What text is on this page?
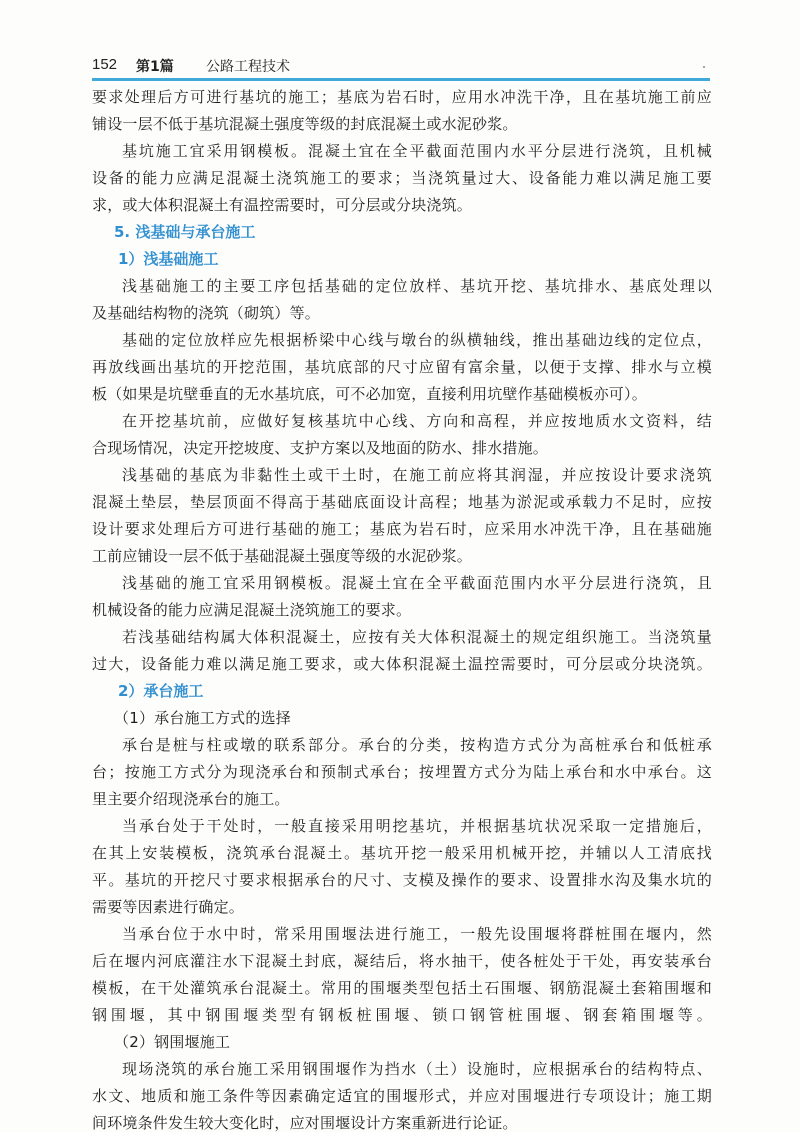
152 第1篇 公路工程技术
要求处理后方可进行基坑的施工；基底为岩石时，应用水冲洗干净，且在基坑施工前应
铺设一层不低于基坑混凝土强度等级的封底混凝土或水泥砂浆。
基坑施工宜采用钢模板。混凝土宜在全平截面范围内水平分层进行浇筑，且机械
设备的能力应满足混凝土浇筑施工的要求；当浇筑量过大、设备能力难以满足施工要
求，或大体积混凝土有温控需要时，可分层或分块浇筑。
5. 浅基础与承台施工
1）浅基础施工
浅基础施工的主要工序包括基础的定位放样、基坑开挖、基坑排水、基底处理以
及基础结构物的浇筑（砌筑）等。
基础的定位放样应先根据桥梁中心线与墩台的纵横轴线，推出基础边线的定位点，
再放线画出基坑的开挖范围，基坑底部的尺寸应留有富余量，以便于支撑、排水与立模
板（如果是坑壁垂直的无水基坑底，可不必加宽，直接利用坑壁作基础模板亦可）。
在开挖基坑前，应做好复核基坑中心线、方向和高程，并应按地质水文资料，结
合现场情况，决定开挖坡度、支护方案以及地面的防水、排水措施。
浅基础的基底为非黏性土或干土时，在施工前应将其润湿，并应按设计要求浇筑
混凝土垫层，垫层顶面不得高于基础底面设计高程；地基为淤泥或承载力不足时，应按
设计要求处理后方可进行基础的施工；基底为岩石时，应采用水冲洗干净，且在基础施
工前应铺设一层不低于基础混凝土强度等级的水泥砂浆。
浅基础的施工宜采用钢模板。混凝土宜在全平截面范围内水平分层进行浇筑，且
机械设备的能力应满足混凝土浇筑施工的要求。
若浅基础结构属大体积混凝土，应按有关大体积混凝土的规定组织施工。当浇筑量
过大，设备能力难以满足施工要求，或大体积混凝土温控需要时，可分层或分块浇筑。
2）承台施工
（1）承台施工方式的选择
承台是桩与柱或墩的联系部分。承台的分类，按构造方式分为高桩承台和低桩承
台；按施工方式分为现浇承台和预制式承台；按埋置方式分为陆上承台和水中承台。这
里主要介绍现浇承台的施工。
当承台处于干处时，一般直接采用明挖基坑，并根据基坑状况采取一定措施后，
在其上安装模板，浇筑承台混凝土。基坑开挖一般采用机械开挖，并辅以人工清底找
平。基坑的开挖尺寸要求根据承台的尺寸、支模及操作的要求、设置排水沟及集水坑的
需要等因素进行确定。
当承台位于水中时，常采用围堰法进行施工，一般先设围堰将群桩围在堰内，然
后在堰内河底灌注水下混凝土封底，凝结后，将水抽干，使各桩处于干处，再安装承台
模板，在干处灌筑承台混凝土。常用的围堰类型包括土石围堰、钢筋混凝土套箱围堰和
钢围堰，其中钢围堰类型有钢板桩围堰、锁口钢管桩围堰、钢套箱围堰等。
（2）钢围堰施工
现场浇筑的承台施工采用钢围堰作为挡水（土）设施时，应根据承台的结构特点、
水文、地质和施工条件等因素确定适宜的围堰形式，并应对围堰进行专项设计；施工期
间环境条件发生较大变化时，应对围堰设计方案重新进行论证。
